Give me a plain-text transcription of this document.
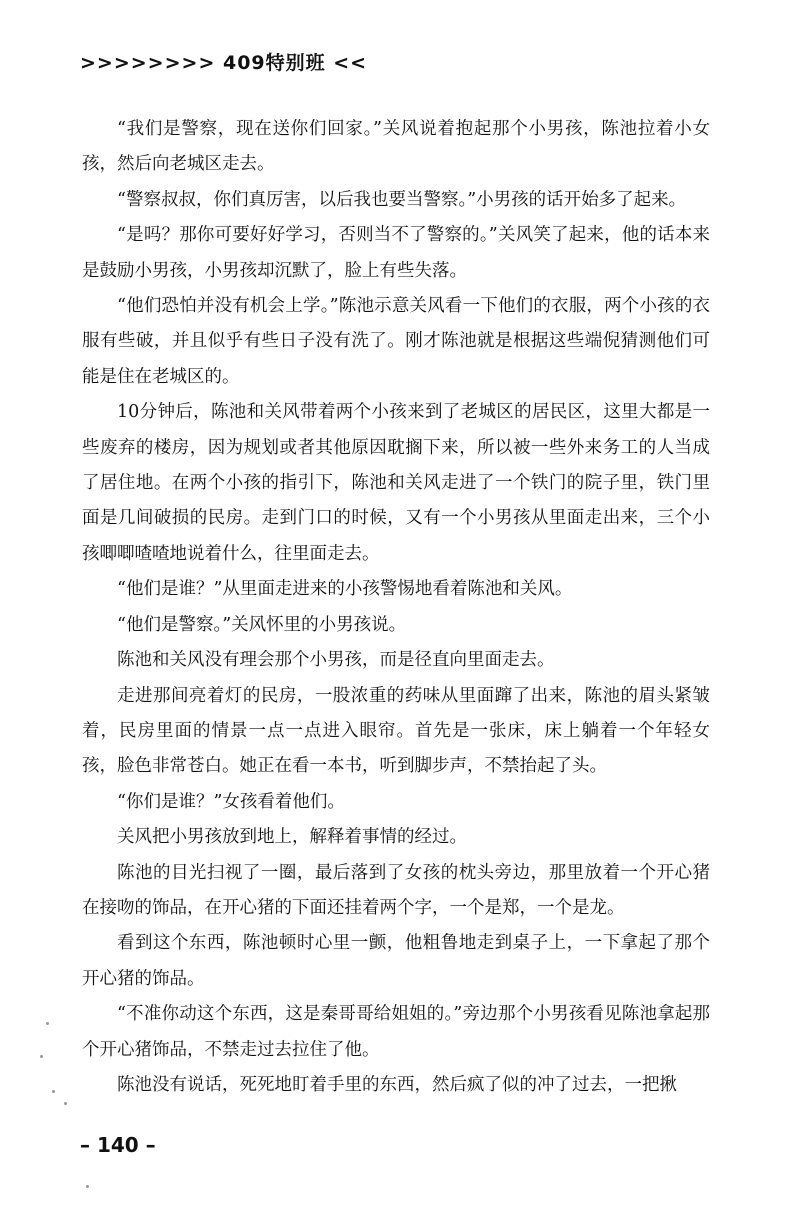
>>>>>>>> 409特别班 <<

“我们是警察，现在送你们回家。”关风说着抱起那个小男孩，陈池拉着小女孩，然后向老城区走去。

“警察叔叔，你们真厉害，以后我也要当警察。”小男孩的话开始多了起来。

“是吗？那你可要好好学习，否则当不了警察的。”关风笑了起来，他的话本来是鼓励小男孩，小男孩却沉默了，脸上有些失落。

“他们恐怕并没有机会上学。”陈池示意关风看一下他们的衣服，两个小孩的衣服有些破，并且似乎有些日子没有洗了。刚才陈池就是根据这些端倪猜测他们可能是住在老城区的。

10分钟后，陈池和关风带着两个小孩来到了老城区的居民区，这里大都是一些废弃的楼房，因为规划或者其他原因耽搁下来，所以被一些外来务工的人当成了居住地。在两个小孩的指引下，陈池和关风走进了一个铁门的院子里，铁门里面是几间破损的民房。走到门口的时候，又有一个小男孩从里面走出来，三个小孩唧唧喳喳地说着什么，往里面走去。

“他们是谁？”从里面走进来的小孩警惕地看着陈池和关风。

“他们是警察。”关风怀里的小男孩说。

陈池和关风没有理会那个小男孩，而是径直向里面走去。

走进那间亮着灯的民房，一股浓重的药味从里面蹿了出来，陈池的眉头紧皱着，民房里面的情景一点一点进入眼帘。首先是一张床，床上躺着一个年轻女孩，脸色非常苍白。她正在看一本书，听到脚步声，不禁抬起了头。

“你们是谁？”女孩看着他们。

关风把小男孩放到地上，解释着事情的经过。

陈池的目光扫视了一圈，最后落到了女孩的枕头旁边，那里放着一个开心猪在接吻的饰品，在开心猪的下面还挂着两个字，一个是郑，一个是龙。

看到这个东西，陈池顿时心里一颤，他粗鲁地走到桌子上，一下拿起了那个开心猪的饰品。

“不准你动这个东西，这是秦哥哥给姐姐的。”旁边那个小男孩看见陈池拿起那个开心猪饰品，不禁走过去拉住了他。

陈池没有说话，死死地盯着手里的东西，然后疯了似的冲了过去，一把揪

– 140 –
